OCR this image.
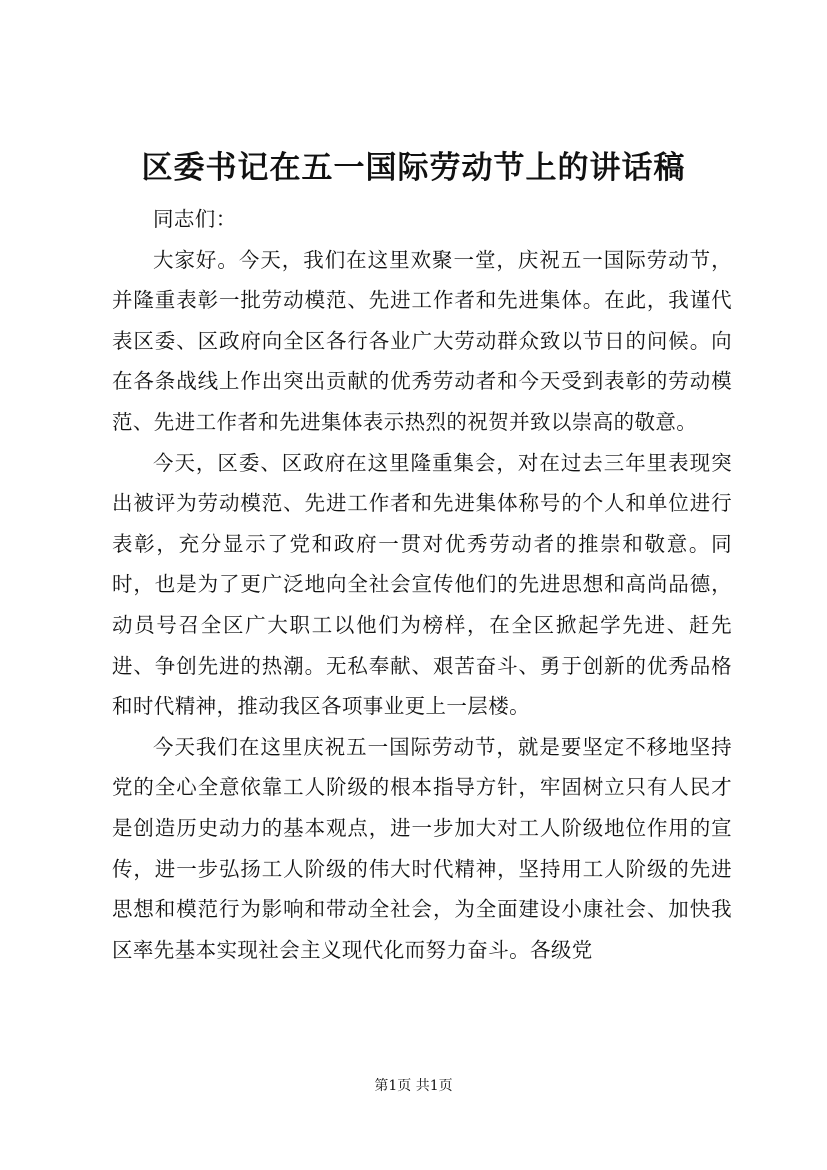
区委书记在五一国际劳动节上的讲话稿

同志们：

大家好。今天，我们在这里欢聚一堂，庆祝五一国际劳动节，并隆重表彰一批劳动模范、先进工作者和先进集体。在此，我谨代表区委、区政府向全区各行各业广大劳动群众致以节日的问候。向在各条战线上作出突出贡献的优秀劳动者和今天受到表彰的劳动模范、先进工作者和先进集体表示热烈的祝贺并致以崇高的敬意。

今天，区委、区政府在这里隆重集会，对在过去三年里表现突出被评为劳动模范、先进工作者和先进集体称号的个人和单位进行表彰，充分显示了党和政府一贯对优秀劳动者的推崇和敬意。同时，也是为了更广泛地向全社会宣传他们的先进思想和高尚品德，动员号召全区广大职工以他们为榜样，在全区掀起学先进、赶先进、争创先进的热潮。无私奉献、艰苦奋斗、勇于创新的优秀品格和时代精神，推动我区各项事业更上一层楼。

今天我们在这里庆祝五一国际劳动节，就是要坚定不移地坚持党的全心全意依靠工人阶级的根本指导方针，牢固树立只有人民才是创造历史动力的基本观点，进一步加大对工人阶级地位作用的宣传，进一步弘扬工人阶级的伟大时代精神，坚持用工人阶级的先进思想和模范行为影响和带动全社会，为全面建设小康社会、加快我区率先基本实现社会主义现代化而努力奋斗。各级党

第1页 共1页
